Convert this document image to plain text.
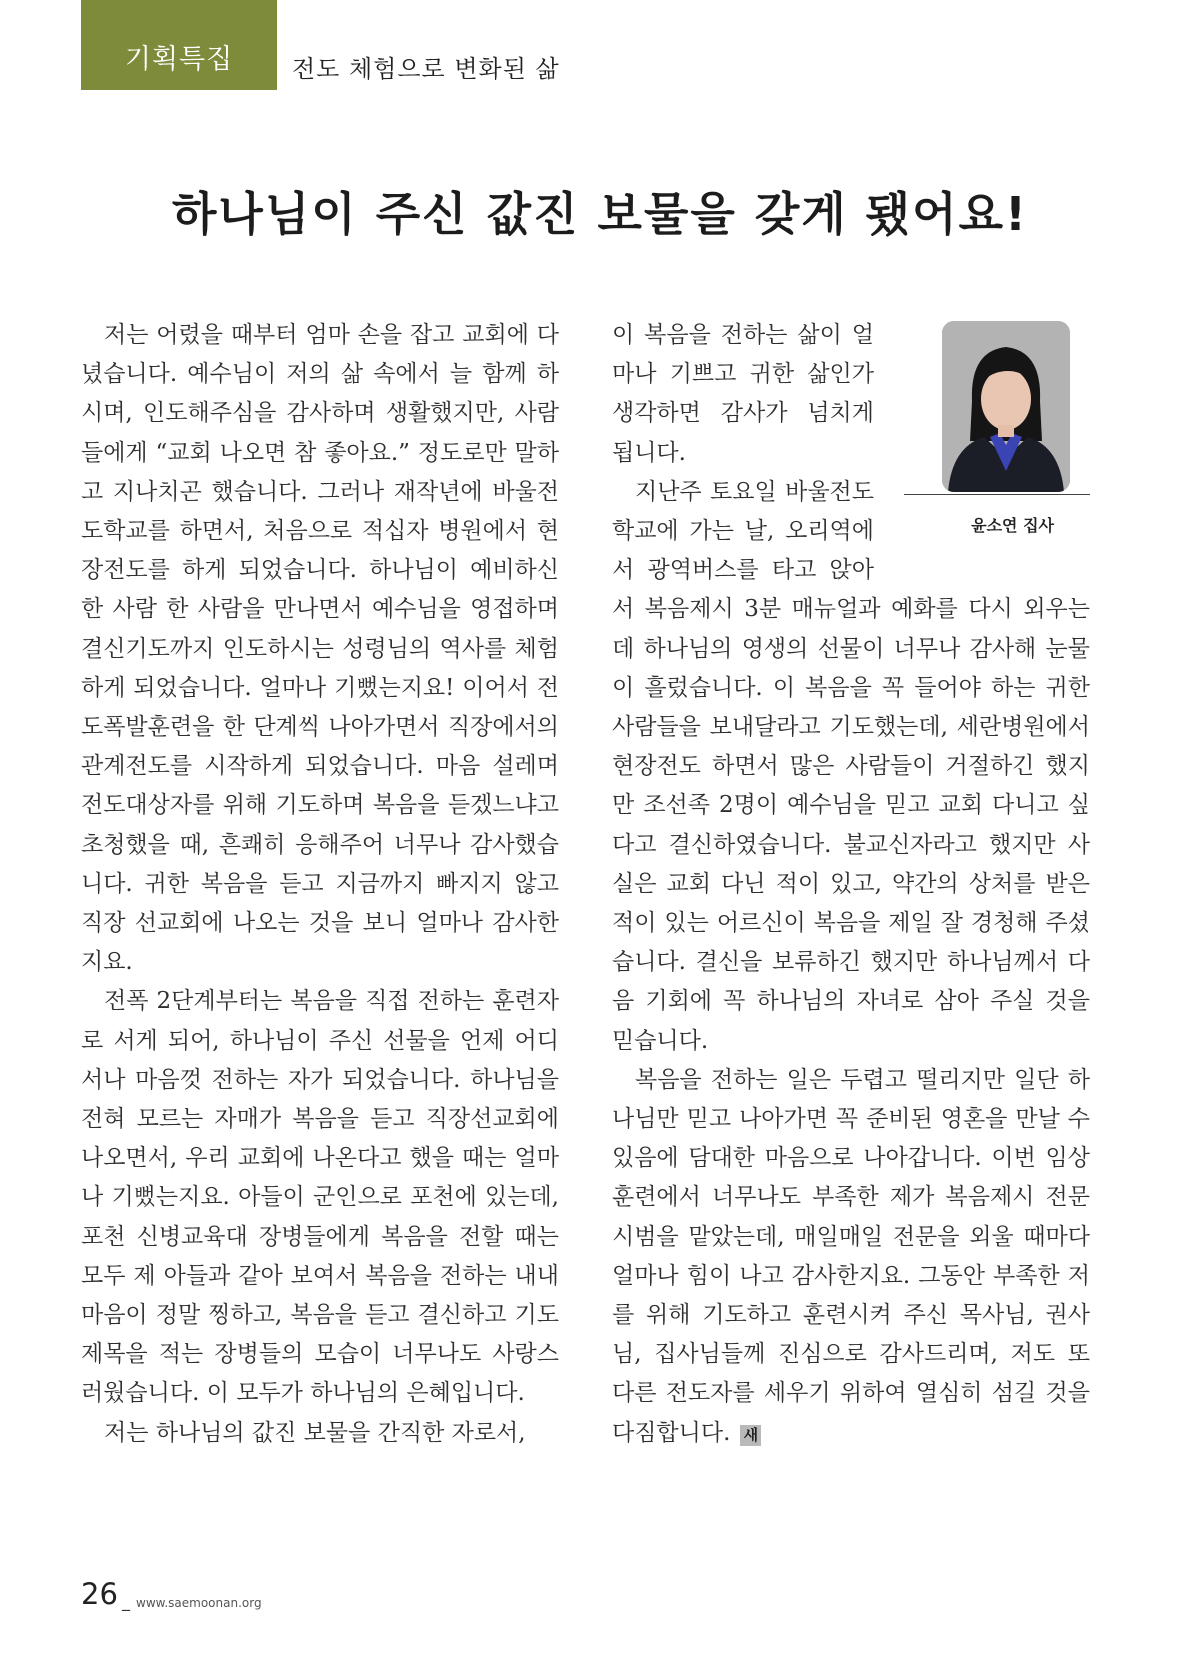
기획특집	전도 체험으로 변화된 삶
하나님이 주신 값진 보물을 갖게 됐어요!

저는 어렸을 때부터 엄마 손을 잡고 교회에 다녔습니다. 예수님이 저의 삶 속에서 늘 함께 하시며, 인도해주심을 감사하며 생활했지만, 사람들에게 “교회 나오면 참 좋아요.” 정도로만 말하고 지나치곤 했습니다. 그러나 재작년에 바울전도학교를 하면서, 처음으로 적십자 병원에서 현장전도를 하게 되었습니다. 하나님이 예비하신 한 사람 한 사람을 만나면서 예수님을 영접하며 결신기도까지 인도하시는 성령님의 역사를 체험하게 되었습니다. 얼마나 기뻤는지요! 이어서 전도폭발훈련을 한 단계씩 나아가면서 직장에서의 관계전도를 시작하게 되었습니다. 마음 설레며 전도대상자를 위해 기도하며 복음을 듣겠느냐고 초청했을 때, 흔쾌히 응해주어 너무나 감사했습니다. 귀한 복음을 듣고 지금까지 빠지지 않고 직장 선교회에 나오는 것을 보니 얼마나 감사한지요.

전폭 2단계부터는 복음을 직접 전하는 훈련자로 서게 되어, 하나님이 주신 선물을 언제 어디서나 마음껏 전하는 자가 되었습니다. 하나님을 전혀 모르는 자매가 복음을 듣고 직장선교회에 나오면서, 우리 교회에 나온다고 했을 때는 얼마나 기뻤는지요. 아들이 군인으로 포천에 있는데, 포천 신병교육대 장병들에게 복음을 전할 때는 모두 제 아들과 같아 보여서 복음을 전하는 내내 마음이 정말 찡하고, 복음을 듣고 결신하고 기도제목을 적는 장병들의 모습이 너무나도 사랑스러웠습니다. 이 모두가 하나님의 은혜입니다.

저는 하나님의 값진 보물을 간직한 자로서,

윤소연 집사

이 복음을 전하는 삶이 얼마나 기쁘고 귀한 삶인가 생각하면 감사가 넘치게 됩니다.

지난주 토요일 바울전도학교에 가는 날, 오리역에서 광역버스를 타고 앉아서 복음제시 3분 매뉴얼과 예화를 다시 외우는데 하나님의 영생의 선물이 너무나 감사해 눈물이 흘렀습니다. 이 복음을 꼭 들어야 하는 귀한 사람들을 보내달라고 기도했는데, 세란병원에서 현장전도 하면서 많은 사람들이 거절하긴 했지만 조선족 2명이 예수님을 믿고 교회 다니고 싶다고 결신하였습니다. 불교신자라고 했지만 사실은 교회 다닌 적이 있고, 약간의 상처를 받은 적이 있는 어르신이 복음을 제일 잘 경청해 주셨습니다. 결신을 보류하긴 했지만 하나님께서 다음 기회에 꼭 하나님의 자녀로 삼아 주실 것을 믿습니다.

복음을 전하는 일은 두렵고 떨리지만 일단 하나님만 믿고 나아가면 꼭 준비된 영혼을 만날 수 있음에 담대한 마음으로 나아갑니다. 이번 임상훈련에서 너무나도 부족한 제가 복음제시 전문시범을 맡았는데, 매일매일 전문을 외울 때마다 얼마나 힘이 나고 감사한지요. 그동안 부족한 저를 위해 기도하고 훈련시켜 주신 목사님, 권사님, 집사님들께 진심으로 감사드리며, 저도 또 다른 전도자를 세우기 위하여 열심히 섬길 것을 다짐합니다. 새

26 _ www.saemoonan.org
